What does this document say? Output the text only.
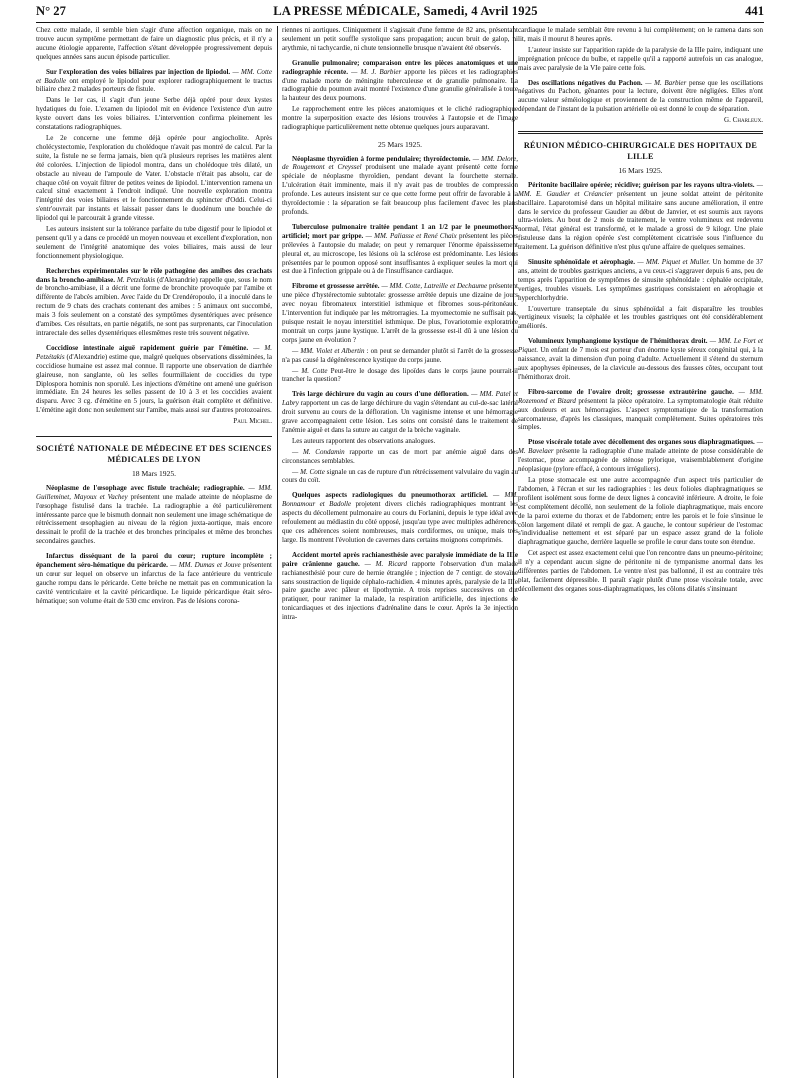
N° 27	LA PRESSE MÉDICALE, Samedi, 4 Avril 1925	441

Chez cette malade, il semble bien s'agir d'une affection organique, mais on ne trouve aucun symptôme permettant de faire un diagnostic plus précis, et il n'y a aucune étiologie apparente, l'affection s'étant développée progressivement depuis quelques années sans aucun épisode particulier.

Sur l'exploration des voies biliaires par injection de lipiodol. — MM. Cotte et Badolle ont employé le lipiodol pour explorer radiographiquement le tractus biliaire chez 2 malades porteurs de fistule.

Dans le 1er cas, il s'agit d'un jeune Serbe déjà opéré pour deux kystes hydatiques du foie. L'examen du lipiodol mit en évidence l'existence d'un autre kyste ouvert dans les voies biliaires. L'intervention confirma pleinement les constatations radiographiques.

Le 2e concerne une femme déjà opérée pour angiocholite. Après cholécystectomie, l'exploration du cholédoque n'avait pas montré de calcul. Par la suite, la fistule ne se ferma jamais, bien qu'à plusieurs reprises les matières alent été colorées. L'injection de lipiodol montra, dans un cholédoque très dilaté, un obstacle au niveau de l'ampoule de Vater. L'obstacle n'était pas absolu, car de chaque côté on voyait filtrer de petites veines de lipiodol. L'intervention ramena un calcul situé exactement à l'endroit indiqué. Une nouvelle exploration montra l'intégrité des voies biliaires et le fonctionnement du sphincter d'Oddi. Celui-ci s'entr'ouvrait par instants et laissait passer dans le duodénum une bouchée de lipiodol qui le parcourait à grande vitesse.

Les auteurs insistent sur la tolérance parfaite du tube digestif pour le lipiodol et pensent qu'il y a dans ce procédé un moyen nouveau et excellent d'exploration, non seulement de l'intégrité anatomique des voies biliaires, mais aussi de leur fonctionnement physiologique.

Recherches expérimentales sur le rôle pathogène des amibes des crachats dans la broncho-amibiase. M. Petzétakis (d'Alexandrie) rappelle que, sous le nom de broncho-amibiase, il a décrit une forme de bronchite provoquée par l'amibe et différente de l'abcès amibien. Avec l'aide du Dr Crendéropoulo, il a inoculé dans le rectum de 9 chats des crachats contenant des amibes : 5 animaux ont succombé, mais 3 fois seulement on a constaté des symptômes dysentériques avec présence d'amibes. Ces résultats, en partie négatifs, ne sont pas surprenants, car l'inoculation intrarectale des selles dysentériques ellesmêmes reste très souvent négative.

Coccidiose intestinale aiguë rapidement guérie par l'émétine. — M. Petzétakis (d'Alexandrie) estime que, malgré quelques observations disséminées, la coccidiose humaine est assez mal connue. Il rapporte une observation de diarrhée glaireuse, non sanglante, où les selles fourmillaient de coccidies du type Diplospora hominis non sporulé. Les injections d'émétine ont amené une guérison immédiate. En 24 heures les selles passent de 10 à 3 et les coccidies avaient disparu. Avec 3 cg. d'émétine en 5 jours, la guérison était complète et définitive. L'émétine agit donc non seulement sur l'amibe, mais aussi sur d'autres protozoaires.

Paul Michel.

SOCIÉTÉ NATIONALE DE MÉDECINE ET DES SCIENCES MÉDICALES DE LYON
18 Mars 1925.

Néoplasme de l'œsophage avec fistule trachéale; radiographie. — MM. Guilleminet, Mayoux et Vachey présentent une malade atteinte de néoplasme de l'œsophage fistulisé dans la trachée. La radiographie a été particulièrement intéressante parce que le bismuth donnait non seulement une image schématique de rétrécissement œsophagien au niveau de la région juxta-aortique, mais encore dessinait le profil de la trachée et des bronches principales et même des bronches secondaires gauches.

Infarctus disséquant de la paroi du cœur; rupture incomplète ; épanchement séro-hématique du péricarde. — MM. Dumas et Jouve présentent un cœur sur lequel on observe un infarctus de la face antérieure du ventricule gauche rompu dans le péricarde. Cette brèche ne mettait pas en communication la cavité ventriculaire et la cavité péricardique. Le liquide péricardique était séro-hématique; son volume était de 530 cmc environ. Pas de lésions corona-

riennes ni aortiques. Cliniquement il s'agissait d'une femme de 82 ans, présentant seulement un petit souffle systolique sans propagation; aucun bruit de galop, ni arythmie, ni tachycardie, ni chute tensionnelle brusque n'avaient été observés.

Granulie pulmonaire; comparaison entre les pièces anatomiques et une radiographie récente. — M. J. Barbier apporte les pièces et les radiographies d'une malade morte de méningite tuberculeuse et de granulie pulmonaire. La radiographie du poumon avait montré l'existence d'une granulie généralisée à toute la hauteur des deux poumons.

Le rapprochement entre les pièces anatomiques et le cliché radiographique montre la superposition exacte des lésions trouvées à l'autopsie et de l'image radiographique particulièrement nette obtenue quelques jours auparavant.

25 Mars 1925.

Néoplasme thyroïdien à forme pendulaire; thyroïdectomie. — MM. Delore, de Rougemont et Creyssel produisent une malade ayant présenté cette forme spéciale de néoplasme thyroïdien, pendant devant la fourchette sternale. L'ulcération était imminente, mais il n'y avait pas de troubles de compression profonde. Les auteurs insistent sur ce que cette forme peut offrir de favorable à la thyroïdectomie : la séparation se fait beaucoup plus facilement d'avec les plans profonds.

Tuberculose pulmonaire traitée pendant 1 an 1/2 par le pneumothorax artificiel; mort par grippe. — MM. Paliasse et René Chaix présentent les pièces prélevées à l'autopsie du malade; on peut y remarquer l'énorme épaississement pleural et, au microscope, les lésions où la sclérose est prédominante. Les lésions présentées par le poumon opposé sont insuffisantes à expliquer seules la mort qui est due à l'infection grippale ou à de l'insuffisance cardiaque.

Fibrome et grossesse arrêtée. — MM. Cotte, Latreille et Dechaume présentent une pièce d'hystérectomie subtotale: grossesse arrêtée depuis une dizaine de jours avec noyau fibromateux interstitiel isthmique et fibromes sous-péritonéaux. L'intervention fut indiquée par les métrorragies. La myomectomie ne suffisait pas, puisque restait le noyau interstitiel isthmique. De plus, l'ovariotomie exploratrice montrait un corps jaune kystique. L'arrêt de la grossesse est-il dû à une lésion du corps jaune en évolution ?

— MM. Violet et Albertin : on peut se demander plutôt si l'arrêt de la grossesse n'a pas causé la dégénérescence kystique du corps jaune.

— M. Cotte Peut-être le dosage des lipoïdes dans le corps jaune pourrait-il trancher la question?

Très large déchirure du vagin au cours d'une défloration. — MM. Patel et Labry rapportent un cas de large déchirure du vagin s'étendant au cul-de-sac latéral droit survenu au cours de la défloration. Un vaginisme intense et une hémorragie grave accompagnaient cette lésion. Les soins ont consisté dans le traitement de l'anémie aiguë et dans la suture au catgut de la brèche vaginale.

Les auteurs rapportent des observations analogues.

— M. Condamin rapporte un cas de mort par anémie aiguë dans des circonstances semblables.

— M. Cotte signale un cas de rupture d'un rétrécissement valvulaire du vagin au cours du coït.

Quelques aspects radiologiques du pneumothorax artificiel. — MM. Bonnamour et Badolle projetent divers clichés radiographiques montrant les aspects du décollement pulmonaire au cours du Forlanini, depuis le type idéal avec refoulement au médiastin du côté opposé, jusqu'au type avec multiples adhérences, que ces adhérences soient nombreuses, mais cordiformes, ou unique, mais très large. Ils montrent l'évolution de cavernes dans certains moignons comprimés.

Accident mortel après rachianesthésie avec paralysie immédiate de la IIIe paire crânienne gauche. — M. Ricard rapporte l'observation d'un malade rachianesthésié pour cure de hernie étranglée ; injection de 7 centigr. de stovaïne sans soustraction de liquide céphalo-rachidien. 4 minutes après, paralysie de la IIIe paire gauche avec pâleur et lipothymie. A trois reprises successives on dut pratiquer, pour ranimer la malade, la respiration artificielle, des injections de tonicardiaques et des injections d'adrénaline dans le cœur. Après la 3e injection intra-

cardiaque le malade semblait être revenu à lui complètement; on le ramena dans son lit, mais il mourut 8 heures après.

L'auteur insiste sur l'apparition rapide de la paralysie de la IIIe paire, indiquant une imprégnation précoce du bulbe, et rappelle qu'il a rapporté autrefois un cas analogue, mais avec paralysie de la VIe paire cette fois.

Des oscillations négatives du Pachon. — M. Barbier pense que les oscillations négatives du Pachon, gênantes pour la lecture, doivent être négligées. Elles n'ont aucune valeur séméiologique et proviennent de la construction même de l'appareil, dépendant de l'instant de la pulsation artérielle où est donné le coup de séparation.

G. Charleux.

RÉUNION MÉDICO-CHIRURGICALE DES HOPITAUX DE LILLE
16 Mars 1925.

Péritonite bacillaire opérée; récidive; guérison par les rayons ultra-violets. — MM. E. Gaudier et Créancier présentent un jeune soldat atteint de péritonite bacillaire. Laparotomisé dans un hôpital militaire sans aucune amélioration, il entre dans le service du professeur Gaudier au début de Janvier, et est soumis aux rayons ultra-violets. Au bout de 2 mois de traitement, le ventre volumineux est redevenu normal, l'état général est transformé, et le malade a grossi de 9 kilogr. Une plaie fistuleuse dans la région opérée s'est complètement cicatrisée sous l'influence du traitement. La guérison définitive n'est plus qu'une affaire de quelques semaines.

Sinusite sphénoïdale et aérophagie. — MM. Piquet et Muller. Un homme de 37 ans, atteint de troubles gastriques anciens, a vu ceux-ci s'aggraver depuis 6 ans, peu de temps après l'apparition de symptômes de sinusite sphénoïdale : céphalée occipitale, vertiges, troubles visuels. Les symptômes gastriques consistaient en aérophagie et hyperchlorhydrie.

L'ouverture transeptale du sinus sphénoïdal a fait disparaître les troubles vertigineux visuels; la céphalée et les troubles gastriques ont été considérablement améliorés.

Volumineux lymphangiome kystique de l'hémithorax droit. — MM. Le Fort et Piquet. Un enfant de 7 mois est porteur d'un énorme kyste séreux congénital qui, à la naissance, avait la dimension d'un poing d'adulte. Actuellement il s'étend du sternum aux apophyses épineuses, de la clavicule au-dessous des fausses côtes, occupant tout l'hémithorax droit.

Fibro-sarcome de l'ovaire droit; grossesse extrautérine gauche. — MM. Rozemond et Bizard présentent la pièce opératoire. La symptomatologie était réduite aux douleurs et aux hémorragies. L'aspect symptomatique de la transformation sarcomateuse, d'après les classiques, manquait complètement. Suites opératoires très simples.

Ptose viscérale totale avec décollement des organes sous diaphragmatiques. — M. Bavelaer présente la radiographie d'une malade atteinte de ptose considérable de l'estomac, ptose accompagnée de sténose pylorique, vraisemblablement d'origine néoplasique (pylore effacé, à contours irréguliers).

La ptose stomacale est une autre accompagnée d'un aspect très particulier de l'abdomen, à l'écran et sur les radiographies : les deux folioles diaphragmatiques se profilent isolément sous forme de deux lignes à concavité inférieure. A droite, le foie est complètement décollé, non seulement de la foliole diaphragmatique, mais encore de la paroi externe du thorax et de l'abdomen; entre les parois et le foie s'insinue le côlon largement dilaté et rempli de gaz. A gauche, le contour supérieur de l'estomac s'individualise nettement et est séparé par un espace assez grand de la foliole diaphragmatique gauche, derrière laquelle se profile le cœur dans toute son étendue.

Cet aspect est assez exactement celui que l'on rencontre dans un pneumo-péritoine; il n'y a cependant aucun signe de péritonite ni de tympanisme anormal dans les différentes parties de l'abdomen. Le ventre n'est pas ballonné, il est au contraire très plat, facilement dépressible. Il paraît s'agir plutôt d'une ptose viscérale totale, avec décollement des organes sous-diaphragmatiques, les côlons dilatés s'insinuant
